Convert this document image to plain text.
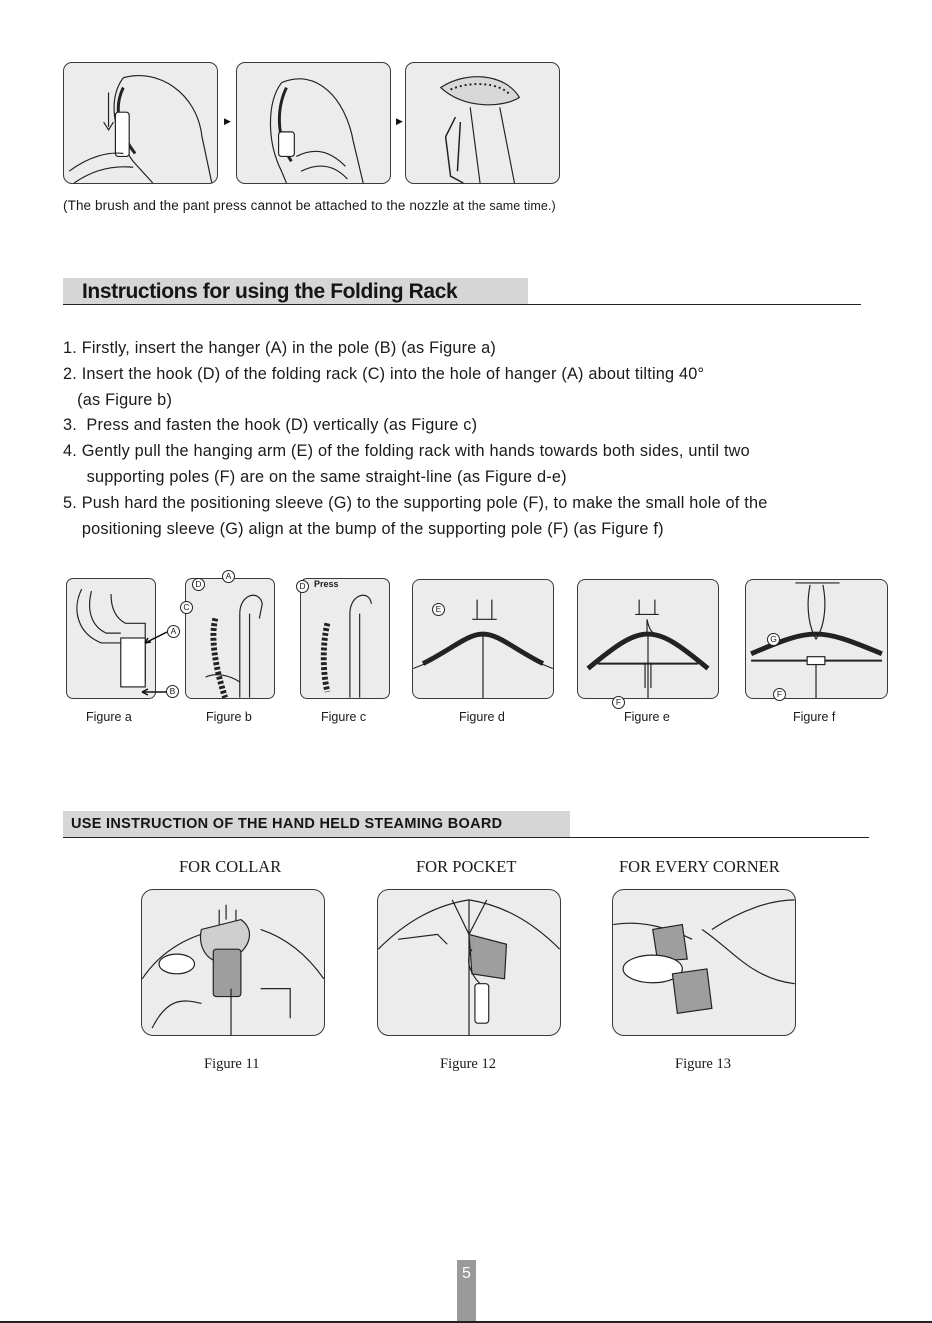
▶	▶
(The brush and the pant press cannot be attached to the nozzle at the same time.)
Instructions for using the Folding Rack
1. Firstly, insert the hanger (A) in the pole (B) (as Figure a)
2. Insert the hook (D) of the folding rack (C) into the hole of hanger (A) about tilting 40°
(as Figure b)
3.  Press and fasten the hook (D) vertically (as Figure c)
4. Gently pull the hanging arm (E) of the folding rack with hands towards both sides, until two
supporting poles (F) are on the same straight-line (as Figure d-e)
5. Push hard the positioning sleeve (G) to the supporting pole (F), to make the small hole of the
positioning sleeve (G) align at the bump of the supporting pole (F) (as Figure f)
A
B
Figure a
D
A
C
Figure b
D Press
Figure c
E
Figure d
F
Figure e
G
F
Figure f
USE INSTRUCTION OF THE HAND HELD STEAMING BOARD
FOR COLLAR	FOR POCKET	FOR EVERY CORNER
Figure 11	Figure 12	Figure 13
5
